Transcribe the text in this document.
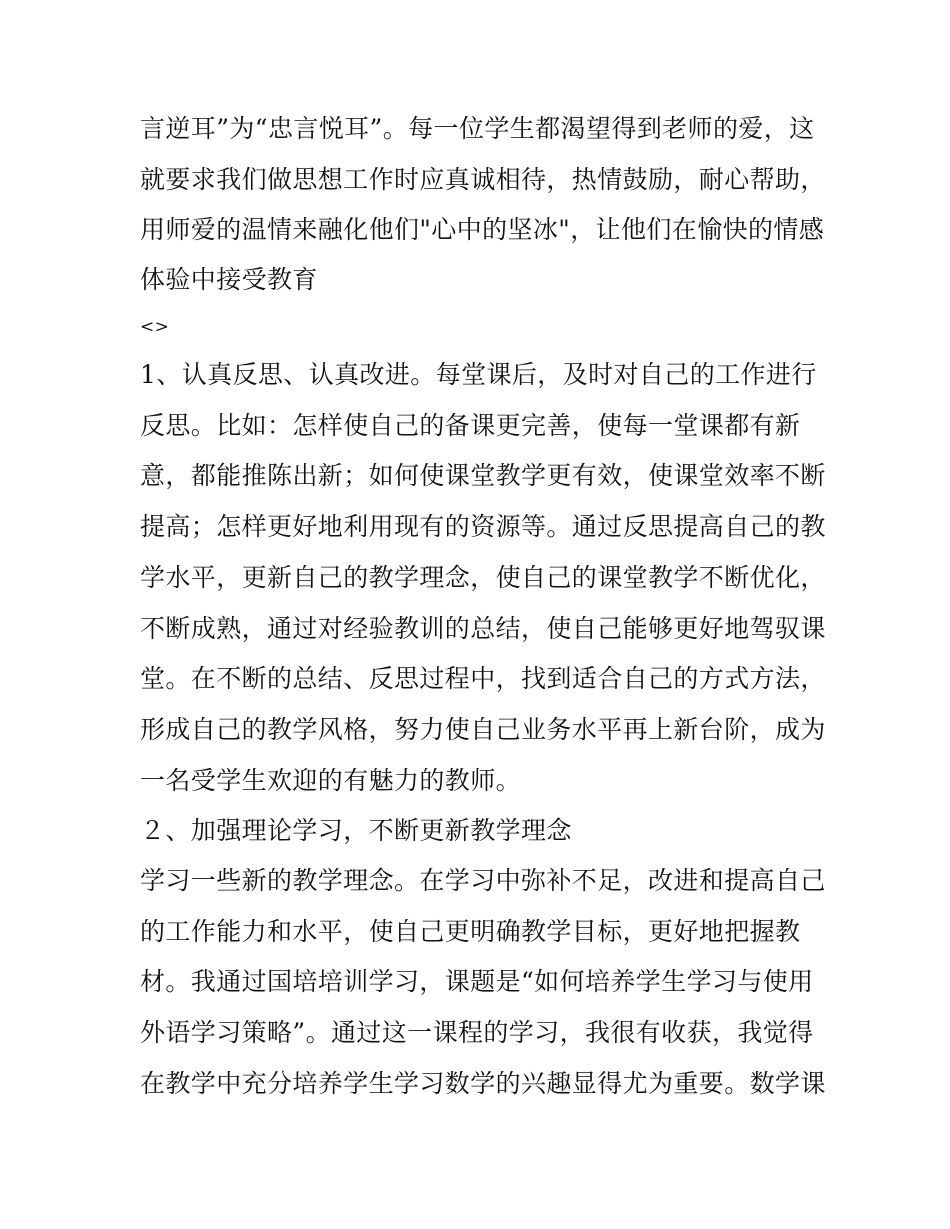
言逆耳”为“忠言悦耳”。每一位学生都渴望得到老师的爱，这
就要求我们做思想工作时应真诚相待，热情鼓励，耐心帮助，
用师爱的温情来融化他们"心中的坚冰"，让他们在愉快的情感
体验中接受教育
<>
1、认真反思、认真改进。每堂课后，及时对自己的工作进行
反思。比如：怎样使自己的备课更完善，使每一堂课都有新
意，都能推陈出新；如何使课堂教学更有效，使课堂效率不断
提高；怎样更好地利用现有的资源等。通过反思提高自己的教
学水平，更新自己的教学理念，使自己的课堂教学不断优化，
不断成熟，通过对经验教训的总结，使自己能够更好地驾驭课
堂。在不断的总结、反思过程中，找到适合自己的方式方法，
形成自己的教学风格，努力使自己业务水平再上新台阶，成为
一名受学生欢迎的有魅力的教师。
２、加强理论学习，不断更新教学理念
学习一些新的教学理念。在学习中弥补不足，改进和提高自己
的工作能力和水平，使自己更明确教学目标，更好地把握教
材。我通过国培培训学习，课题是“如何培养学生学习与使用
外语学习策略”。通过这一课程的学习，我很有收获，我觉得
在教学中充分培养学生学习数学的兴趣显得尤为重要。数学课
